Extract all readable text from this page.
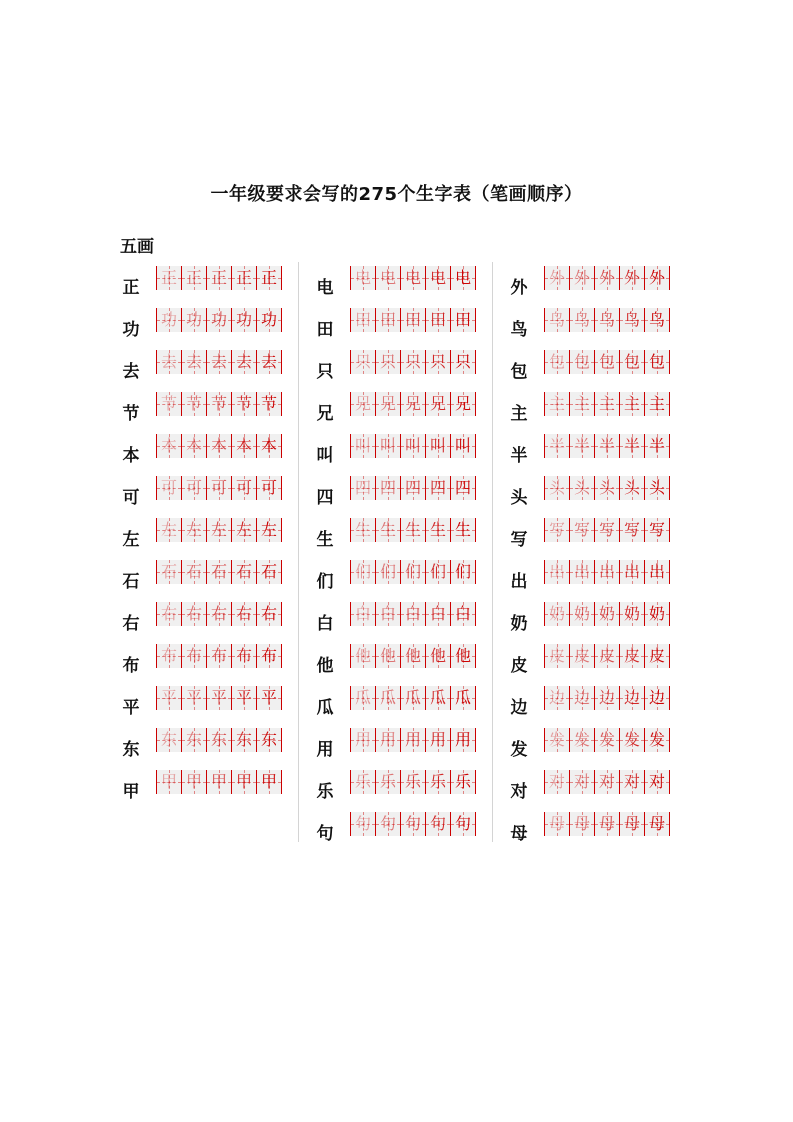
一年级要求会写的275个生字表（笔画顺序）
五画
正
正 正 正 正 正
功
功 功 功 功 功
去
去 去 去 去 去
节
节 节 节 节 节
本
本 本 本 本 本
可
可 可 可 可 可
左
左 左 左 左 左
石
石 石 石 石 石
右
右 右 右 右 右
布
布 布 布 布 布
平
平 平 平 平 平
东
东 东 东 东 东
甲
甲 甲 甲 甲 甲
电
电 电 电 电 电
田
田 田 田 田 田
只
只 只 只 只 只
兄
兄 兄 兄 兄 兄
叫
叫 叫 叫 叫 叫
四
四 四 四 四 四
生
生 生 生 生 生
们
们 们 们 们 们
白
白 白 白 白 白
他
他 他 他 他 他
瓜
瓜 瓜 瓜 瓜 瓜
用
用 用 用 用 用
乐
乐 乐 乐 乐 乐
句
句 句 句 句 句
外
外 外 外 外 外
鸟
鸟 鸟 鸟 鸟 鸟
包
包 包 包 包 包
主
主 主 主 主 主
半
半 半 半 半 半
头
头 头 头 头 头
写
写 写 写 写 写
出
出 出 出 出 出
奶
奶 奶 奶 奶 奶
皮
皮 皮 皮 皮 皮
边
边 边 边 边 边
发
发 发 发 发 发
对
对 对 对 对 对
母
母 母 母 母 母
